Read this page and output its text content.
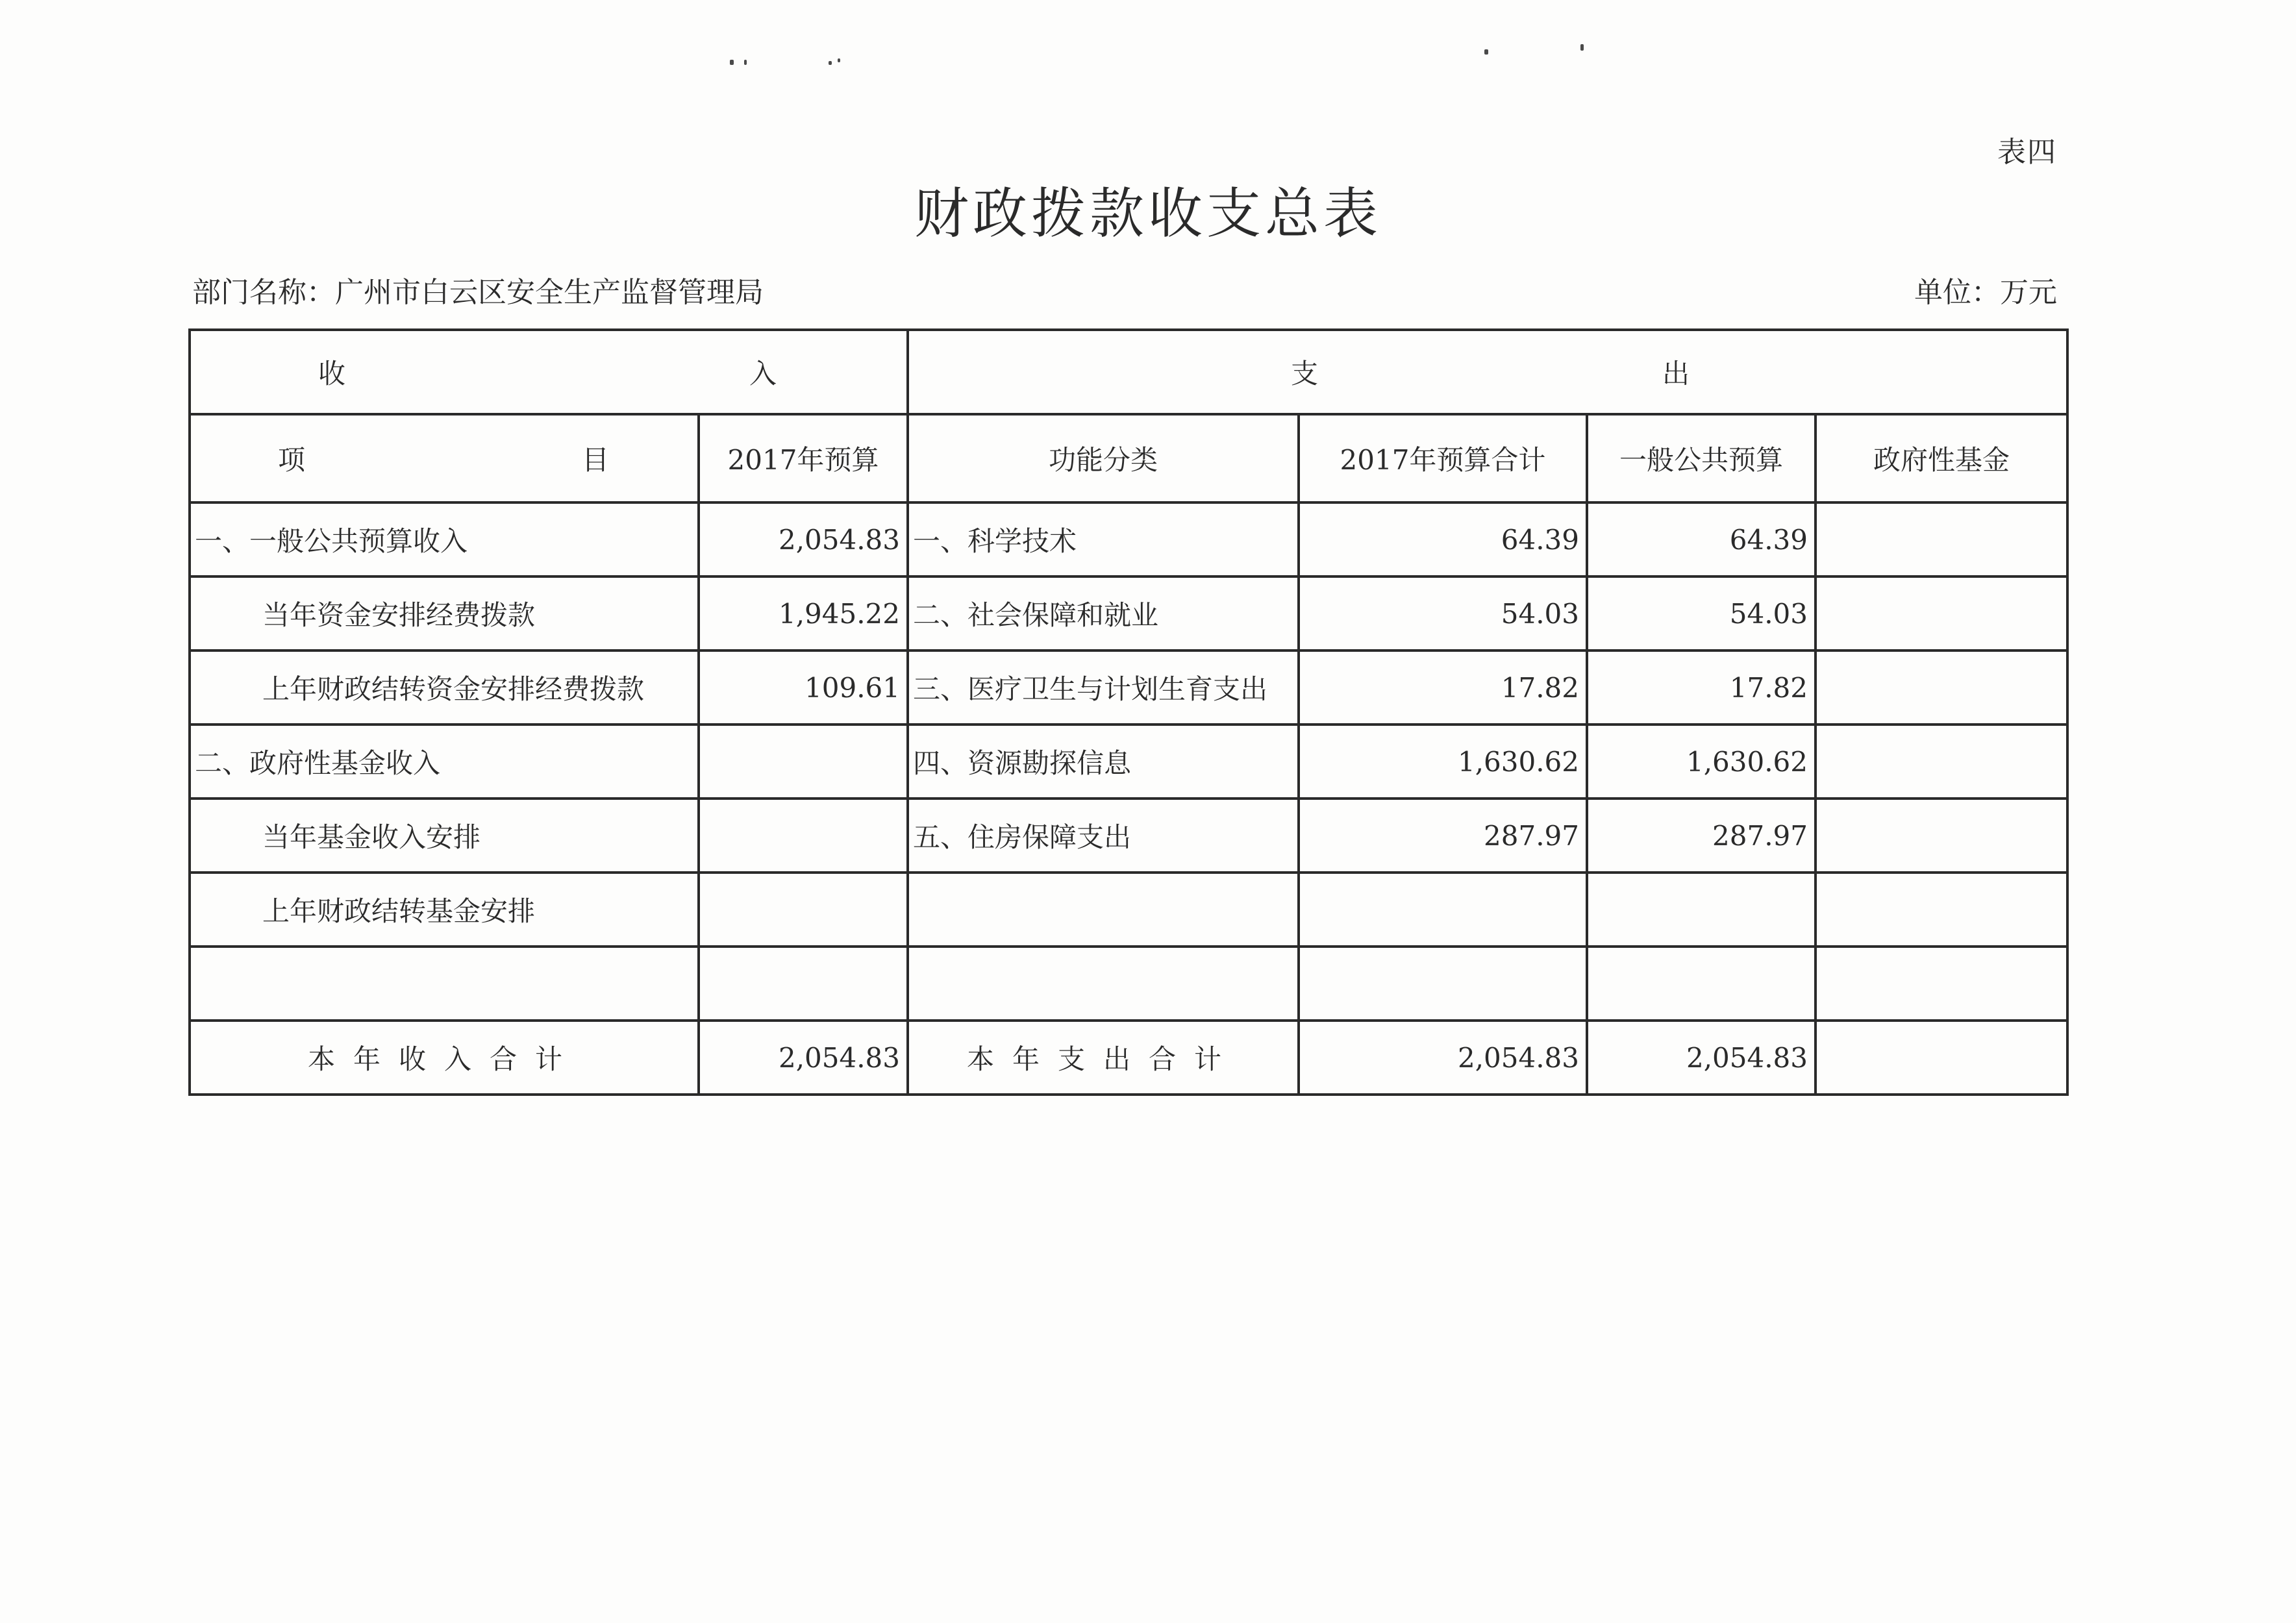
表四
财政拨款收支总表
部门名称：广州市白云区安全生产监督管理局	单位：万元
收 入		支 出			

项 目	2017年预算	功能分类	2017年预算合计	一般公共预算	政府性基金
一、一般公共预算收入	2,054.83	一、科学技术	64.39	64.39	
当年资金安排经费拨款	1,945.22	二、社会保障和就业	54.03	54.03	
上年财政结转资金安排经费拨款	109.61	三、医疗卫生与计划生育支出	17.82	17.82	
二、政府性基金收入		四、资源勘探信息	1,630.62	1,630.62	
当年基金收入安排		五、住房保障支出	287.97	287.97	
上年财政结转基金安排					

本年收入合计	2,054.83	本年支出合计	2,054.83	2,054.83	
